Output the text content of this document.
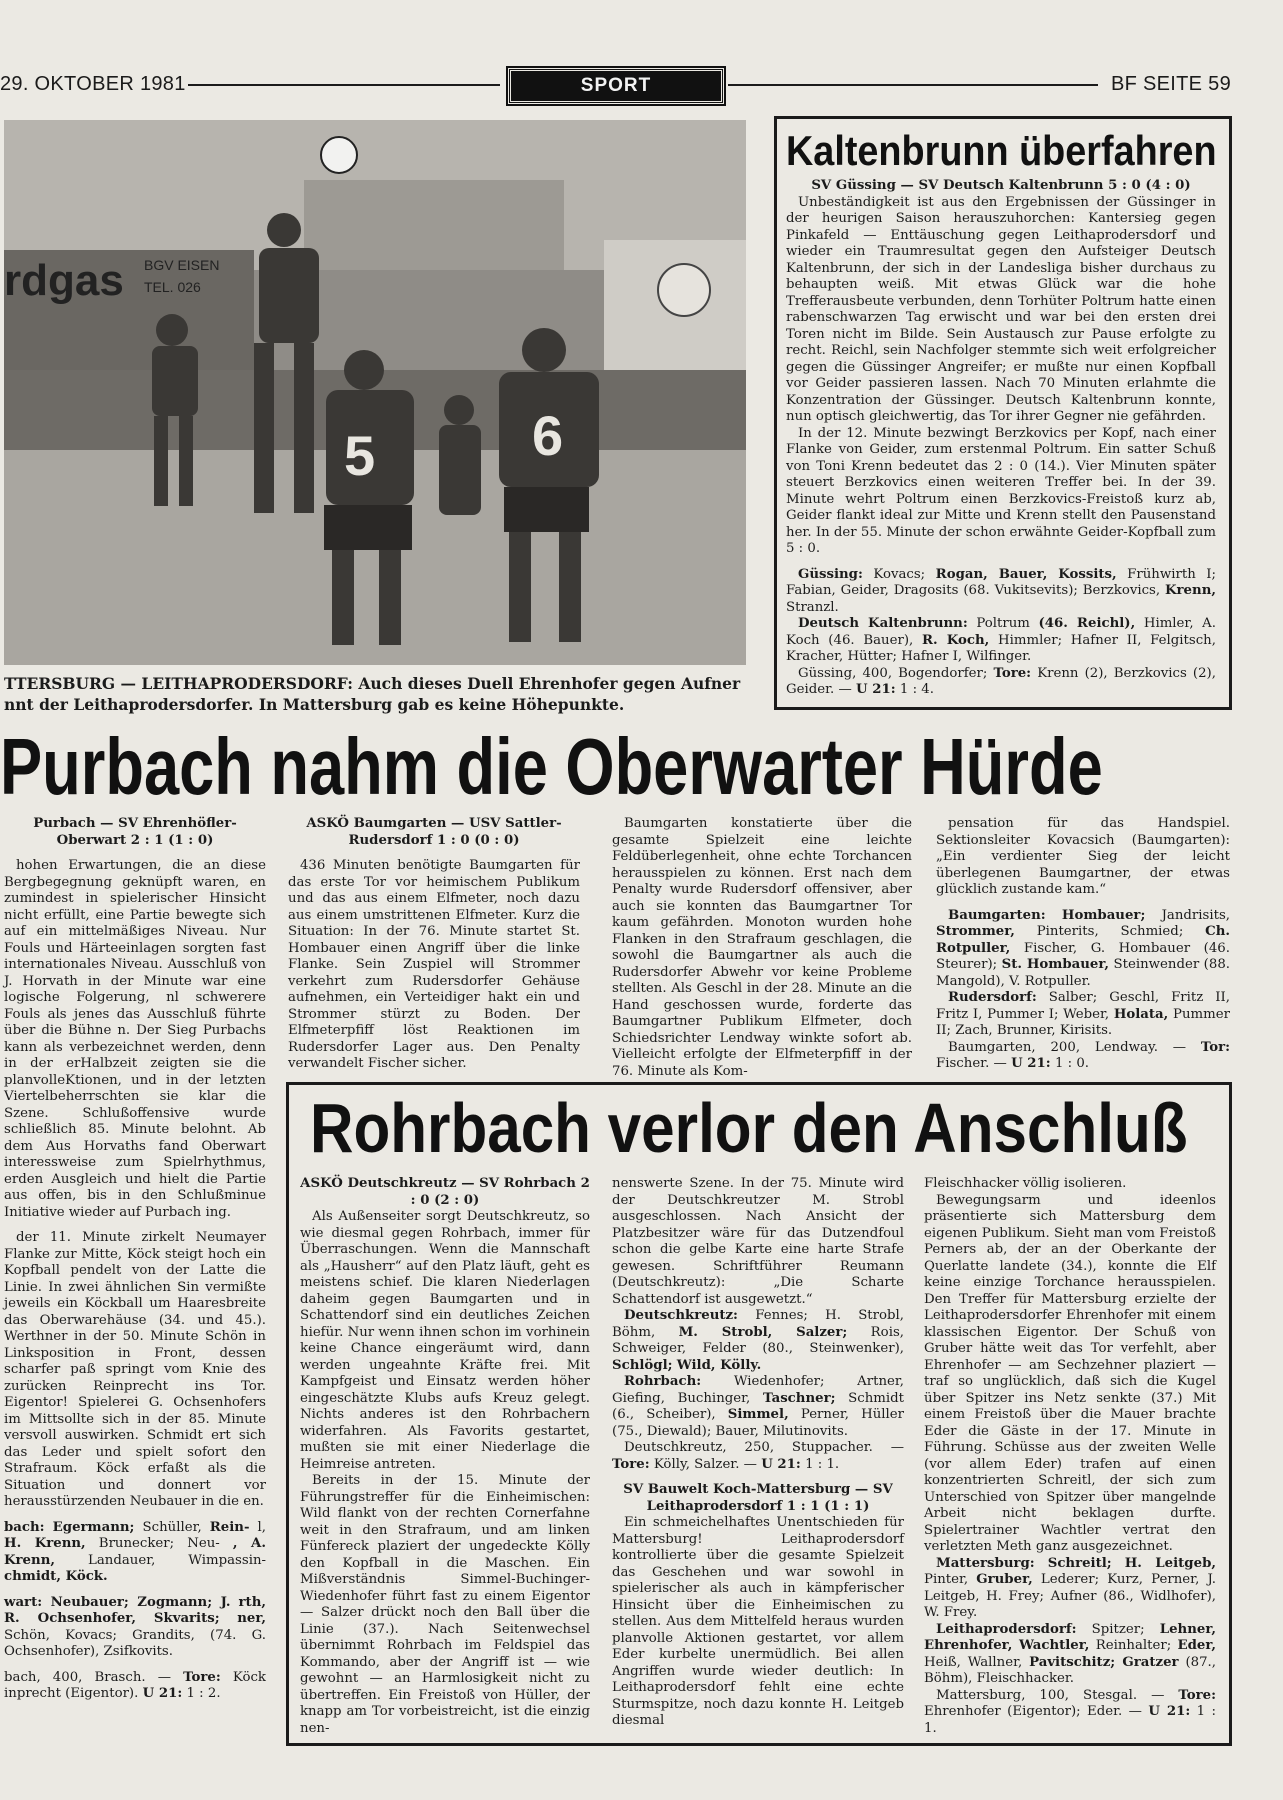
29. OKTOBER 1981	SPORT	BF SEITE 59
rdgas BGV EISEN
TEL. 026
5	6
TTERSBURG — LEITHAPRODERSDORF: Auch dieses Duell Ehrenhofer gegen Aufner
nnt der Leithaprodersdorfer. In Mattersburg gab es keine Höhepunkte.
Kaltenbrunn überfahren

SV Güssing — SV Deutsch Kaltenbrunn 5 : 0 (4 : 0)

Unbeständigkeit ist aus den Ergebnissen der Güssinger in der heurigen Saison herauszuhorchen: Kantersieg gegen Pinkafeld — Enttäuschung gegen Leithaprodersdorf und wieder ein Traumresultat gegen den Aufsteiger Deutsch Kaltenbrunn, der sich in der Landesliga bisher durchaus zu behaupten weiß. Mit etwas Glück war die hohe Trefferausbeute verbunden, denn Torhüter Poltrum hatte einen rabenschwarzen Tag erwischt und war bei den ersten drei Toren nicht im Bilde. Sein Austausch zur Pause erfolgte zu recht. Reichl, sein Nachfolger stemmte sich weit erfolgreicher gegen die Güssinger Angreifer; er mußte nur einen Kopfball vor Geider passieren lassen. Nach 70 Minuten erlahmte die Konzentration der Güssinger. Deutsch Kaltenbrunn konnte, nun optisch gleichwertig, das Tor ihrer Gegner nie gefährden.

In der 12. Minute bezwingt Berzkovics per Kopf, nach einer Flanke von Geider, zum erstenmal Poltrum. Ein satter Schuß von Toni Krenn bedeutet das 2 : 0 (14.). Vier Minuten später steuert Berzkovics einen weiteren Treffer bei. In der 39. Minute wehrt Poltrum einen Berzkovics-Freistoß kurz ab, Geider flankt ideal zur Mitte und Krenn stellt den Pausenstand her. In der 55. Minute der schon erwähnte Geider-Kopfball zum 5 : 0.

Güssing: Kovacs; Rogan, Bauer, Kossits, Frühwirth I; Fabian, Geider, Dragosits (68. Vukitsevits); Berzkovics, Krenn, Stranzl.

Deutsch Kaltenbrunn: Poltrum (46. Reichl), Himler, A. Koch (46. Bauer), R. Koch, Himmler; Hafner II, Felgitsch, Kracher, Hütter; Hafner I, Wilfinger.

Güssing, 400, Bogendorfer; Tore: Krenn (2), Berzkovics (2), Geider. — U 21: 1 : 4.

Purbach nahm die Oberwarter Hürde

Purbach — SV Ehrenhöfler-Oberwart 2 : 1 (1 : 0)

hohen Erwartungen, die an diese Bergbegegnung geknüpft waren, en zumindest in spielerischer Hinsicht nicht erfüllt, eine Partie bewegte sich auf ein mittelmäßiges Niveau. Nur Fouls und Härteeinlagen sorgten fast internationales Niveau. Ausschluß von J. Horvath in der Minute war eine logische Folgerung, nl schwerere Fouls als jenes das Ausschluß führte über die Bühne n. Der Sieg Purbachs kann als verbezeichnet werden, denn in der erHalbzeit zeigten sie die planvolleKtionen, und in der letzten Viertelbeherrschten sie klar die Szene. Schlußoffensive wurde schließlich 85. Minute belohnt. Ab dem Aus Horvaths fand Oberwart interessweise zum Spielrhythmus, erden Ausgleich und hielt die Partie aus offen, bis in den Schlußminue Initiative wieder auf Purbach ing.

der 11. Minute zirkelt Neumayer Flanke zur Mitte, Köck steigt hoch ein Kopfball pendelt von der Latte die Linie. In zwei ähnlichen Sin vermißte jeweils ein Köckball um Haaresbreite das Oberwarehäuse (34. und 45.). Werthner in der 50. Minute Schön in Linksposition in Front, dessen scharfer paß springt vom Knie des zurücken Reinprecht ins Tor. Eigentor! Spielerei G. Ochsenhofers im Mittsollte sich in der 85. Minute versvoll auswirken. Schmidt ert sich das Leder und spielt sofort den Strafraum. Köck erfaßt als die Situation und donnert vor herausstürzenden Neubauer in die en.

bach: Egermann; Schüller, Rein- l, H. Krenn, Brunecker; Neu- , A. Krenn, Landauer, Wimpassin- chmidt, Köck.

wart: Neubauer; Zogmann; J. rth, R. Ochsenhofer, Skvarits; ner, Schön, Kovacs; Grandits, (74. G. Ochsenhofer), Zsifkovits.

bach, 400, Brasch. — Tore: Köck inprecht (Eigentor). U 21: 1 : 2.

ASKÖ Baumgarten — USV Sattler-Rudersdorf 1 : 0 (0 : 0)

436 Minuten benötigte Baumgarten für das erste Tor vor heimischem Publikum und das aus einem Elfmeter, noch dazu aus einem umstrittenen Elfmeter. Kurz die Situation: In der 76. Minute startet St. Hombauer einen Angriff über die linke Flanke. Sein Zuspiel will Strommer verkehrt zum Rudersdorfer Gehäuse aufnehmen, ein Verteidiger hakt ein und Strommer stürzt zu Boden. Der Elfmeterpfiff löst Reaktionen im Rudersdorfer Lager aus. Den Penalty verwandelt Fischer sicher.

Baumgarten konstatierte über die gesamte Spielzeit eine leichte Feldüberlegenheit, ohne echte Torchancen herausspielen zu können. Erst nach dem Penalty wurde Rudersdorf offensiver, aber auch sie konnten das Baumgartner Tor kaum gefährden. Monoton wurden hohe Flanken in den Strafraum geschlagen, die sowohl die Baumgartner als auch die Rudersdorfer Abwehr vor keine Probleme stellten. Als Geschl in der 28. Minute an die Hand geschossen wurde, forderte das Baumgartner Publikum Elfmeter, doch Schiedsrichter Lendway winkte sofort ab. Vielleicht erfolgte der Elfmeterpfiff in der 76. Minute als Kom-

pensation für das Handspiel. Sektionsleiter Kovacsich (Baumgarten): „Ein verdienter Sieg der leicht überlegenen Baumgartner, der etwas glücklich zustande kam.“

Baumgarten: Hombauer; Jandrisits, Strommer, Pinterits, Schmied; Ch. Rotpuller, Fischer, G. Hombauer (46. Steurer); St. Hombauer, Steinwender (88. Mangold), V. Rotpuller.

Rudersdorf: Salber; Geschl, Fritz II, Fritz I, Pummer I; Weber, Holata, Pummer II; Zach, Brunner, Kirisits.

Baumgarten, 200, Lendway. — Tor: Fischer. — U 21: 1 : 0.

Rohrbach verlor den Anschluß

ASKÖ Deutschkreutz — SV Rohrbach 2 : 0 (2 : 0)

Als Außenseiter sorgt Deutschkreutz, so wie diesmal gegen Rohrbach, immer für Überraschungen. Wenn die Mannschaft als „Hausherr“ auf den Platz läuft, geht es meistens schief. Die klaren Niederlagen daheim gegen Baumgarten und in Schattendorf sind ein deutliches Zeichen hiefür. Nur wenn ihnen schon im vorhinein keine Chance eingeräumt wird, dann werden ungeahnte Kräfte frei. Mit Kampfgeist und Einsatz werden höher eingeschätzte Klubs aufs Kreuz gelegt. Nichts anderes ist den Rohrbachern widerfahren. Als Favorits gestartet, mußten sie mit einer Niederlage die Heimreise antreten.

Bereits in der 15. Minute der Führungstreffer für die Einheimischen: Wild flankt von der rechten Cornerfahne weit in den Strafraum, und am linken Fünfereck plaziert der ungedeckte Kölly den Kopfball in die Maschen. Ein Mißverständnis Simmel-Buchinger-Wiedenhofer führt fast zu einem Eigentor — Salzer drückt noch den Ball über die Linie (37.). Nach Seitenwechsel übernimmt Rohrbach im Feldspiel das Kommando, aber der Angriff ist — wie gewohnt — an Harmlosigkeit nicht zu übertreffen. Ein Freistoß von Hüller, der knapp am Tor vorbeistreicht, ist die einzig nen-

nenswerte Szene. In der 75. Minute wird der Deutschkreutzer M. Strobl ausgeschlossen. Nach Ansicht der Platzbesitzer wäre für das Dutzendfoul schon die gelbe Karte eine harte Strafe gewesen. Schriftführer Reumann (Deutschkreutz): „Die Scharte Schattendorf ist ausgewetzt.“

Deutschkreutz: Fennes; H. Strobl, Böhm, M. Strobl, Salzer; Rois, Schweiger, Felder (80., Steinwenker), Schlögl; Wild, Kölly.

Rohrbach: Wiedenhofer; Artner, Giefing, Buchinger, Taschner; Schmidt (6., Scheiber), Simmel, Perner, Hüller (75., Diewald); Bauer, Milutinovits.

Deutschkreutz, 250, Stuppacher. — Tore: Kölly, Salzer. — U 21: 1 : 1.

SV Bauwelt Koch-Mattersburg — SV Leithaprodersdorf 1 : 1 (1 : 1)

Ein schmeichelhaftes Unentschieden für Mattersburg! Leithaprodersdorf kontrollierte über die gesamte Spielzeit das Geschehen und war sowohl in spielerischer als auch in kämpferischer Hinsicht über die Einheimischen zu stellen. Aus dem Mittelfeld heraus wurden planvolle Aktionen gestartet, vor allem Eder kurbelte unermüdlich. Bei allen Angriffen wurde wieder deutlich: In Leithaprodersdorf fehlt eine echte Sturmspitze, noch dazu konnte H. Leitgeb diesmal

Fleischhacker völlig isolieren.

Bewegungsarm und ideenlos präsentierte sich Mattersburg dem eigenen Publikum. Sieht man vom Freistoß Perners ab, der an der Oberkante der Querlatte landete (34.), konnte die Elf keine einzige Torchance herausspielen. Den Treffer für Mattersburg erzielte der Leithaprodersdorfer Ehrenhofer mit einem klassischen Eigentor. Der Schuß von Gruber hätte weit das Tor verfehlt, aber Ehrenhofer — am Sechzehner plaziert — traf so unglücklich, daß sich die Kugel über Spitzer ins Netz senkte (37.) Mit einem Freistoß über die Mauer brachte Eder die Gäste in der 17. Minute in Führung. Schüsse aus der zweiten Welle (vor allem Eder) trafen auf einen konzentrierten Schreitl, der sich zum Unterschied von Spitzer über mangelnde Arbeit nicht beklagen durfte. Spielertrainer Wachtler vertrat den verletzten Meth ganz ausgezeichnet.

Mattersburg: Schreitl; H. Leitgeb, Pinter, Gruber, Lederer; Kurz, Perner, J. Leitgeb, H. Frey; Aufner (86., Widlhofer), W. Frey.

Leithaprodersdorf: Spitzer; Lehner, Ehrenhofer, Wachtler, Reinhalter; Eder, Heiß, Wallner, Pavitschitz; Gratzer (87., Böhm), Fleischhacker.

Mattersburg, 100, Stesgal. — Tore: Ehrenhofer (Eigentor); Eder. — U 21: 1 : 1.
